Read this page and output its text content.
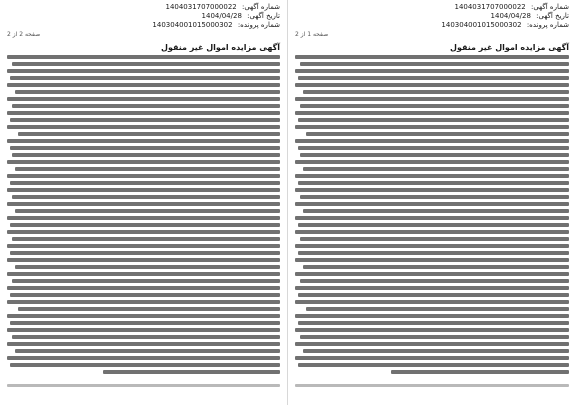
شماره آگهی: 1404031707000022
تاریخ آگهی: 1404/04/28
شماره پرونده: 140304001015000302
صفحه 1 از 2
آگهی مزایده اموال غیر منقول
شماره آگهی: 1404031707000022
تاریخ آگهی: 1404/04/28
شماره پرونده: 140304001015000302
صفحه 2 از 2
آگهی مزایده اموال غیر منقول
